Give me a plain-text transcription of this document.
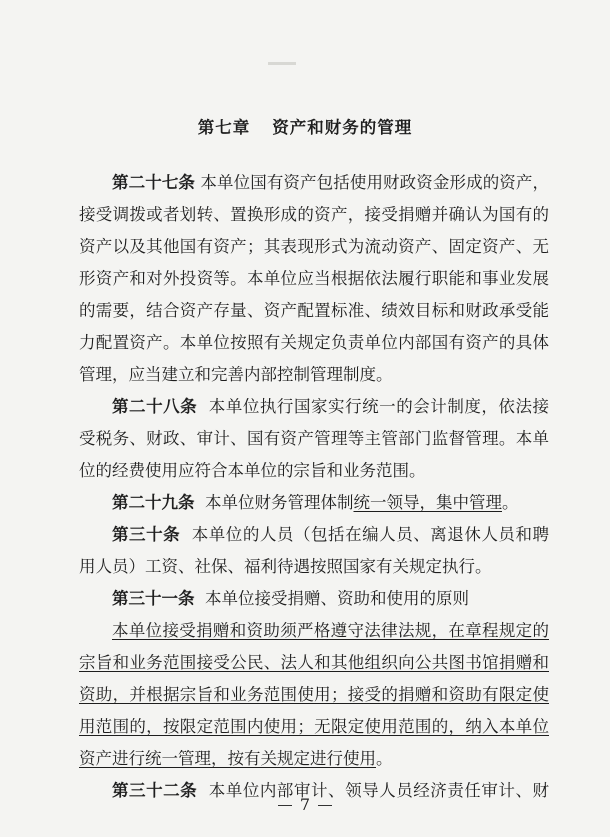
第七章 资产和财务的管理
第二十七条 本单位国有资产包括使用财政资金形成的资产，
接受调拨或者划转、置换形成的资产，接受捐赠并确认为国有的
资产以及其他国有资产；其表现形式为流动资产、固定资产、无
形资产和对外投资等。本单位应当根据依法履行职能和事业发展
的需要，结合资产存量、资产配置标准、绩效目标和财政承受能
力配置资产。本单位按照有关规定负责单位内部国有资产的具体
管理，应当建立和完善内部控制管理制度。
第二十八条 本单位执行国家实行统一的会计制度，依法接
受税务、财政、审计、国有资产管理等主管部门监督管理。本单
位的经费使用应符合本单位的宗旨和业务范围。
第二十九条 本单位财务管理体制统一领导，集中管理。
第三十条 本单位的人员（包括在编人员、离退休人员和聘
用人员）工资、社保、福利待遇按照国家有关规定执行。
第三十一条 本单位接受捐赠、资助和使用的原则
本单位接受捐赠和资助须严格遵守法律法规，在章程规定的
宗旨和业务范围接受公民、法人和其他组织向公共图书馆捐赠和
资助，并根据宗旨和业务范围使用；接受的捐赠和资助有限定使
用范围的，按限定范围内使用；无限定使用范围的，纳入本单位
资产进行统一管理，按有关规定进行使用。
第三十二条 本单位内部审计、领导人员经济责任审计、财
7
